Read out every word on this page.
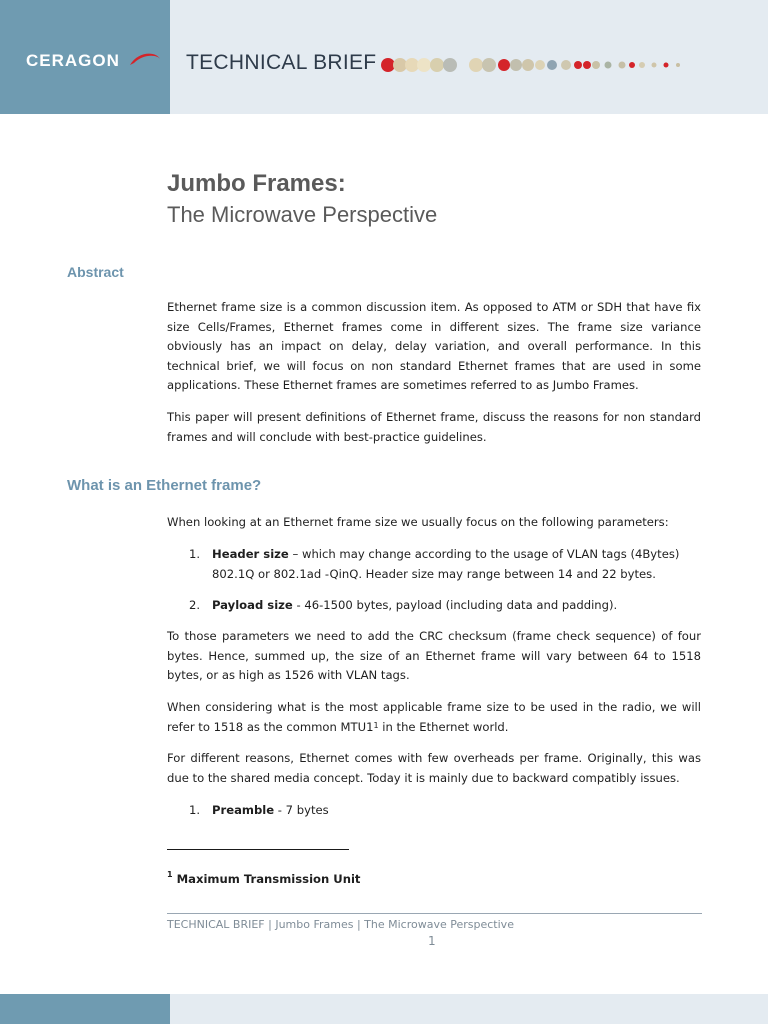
CERAGON	TECHNICAL BRIEF
Jumbo Frames:
The Microwave Perspective
Abstract

Ethernet frame size is a common discussion item. As opposed to ATM or SDH that have fix size Cells/Frames, Ethernet frames come in different sizes. The frame size variance obviously has an impact on delay, delay variation, and overall performance. In this technical brief, we will focus on non standard Ethernet frames that are used in some applications. These Ethernet frames are sometimes referred to as Jumbo Frames.

This paper will present definitions of Ethernet frame, discuss the reasons for non standard frames and will conclude with best-practice guidelines.

What is an Ethernet frame?

When looking at an Ethernet frame size we usually focus on the following parameters:

1.	Header size – which may change according to the usage of VLAN tags (4Bytes) 802.1Q or 802.1ad -QinQ. Header size may range between 14 and 22 bytes.
2.	Payload size - 46-1500 bytes, payload (including data and padding).

To those parameters we need to add the CRC checksum (frame check sequence) of four bytes. Hence, summed up, the size of an Ethernet frame will vary between 64 to 1518 bytes, or as high as 1526 with VLAN tags.

When considering what is the most applicable frame size to be used in the radio, we will refer to 1518 as the common $MTU1^1$ in the Ethernet world.

For different reasons, Ethernet comes with few overheads per frame. Originally, this was due to the shared media concept. Today it is mainly due to backward compatibly issues.

1.	Preamble - 7 bytes
$^1$ Maximum Transmission Unit
TECHNICAL BRIEF | Jumbo Frames | The Microwave Perspective
1
